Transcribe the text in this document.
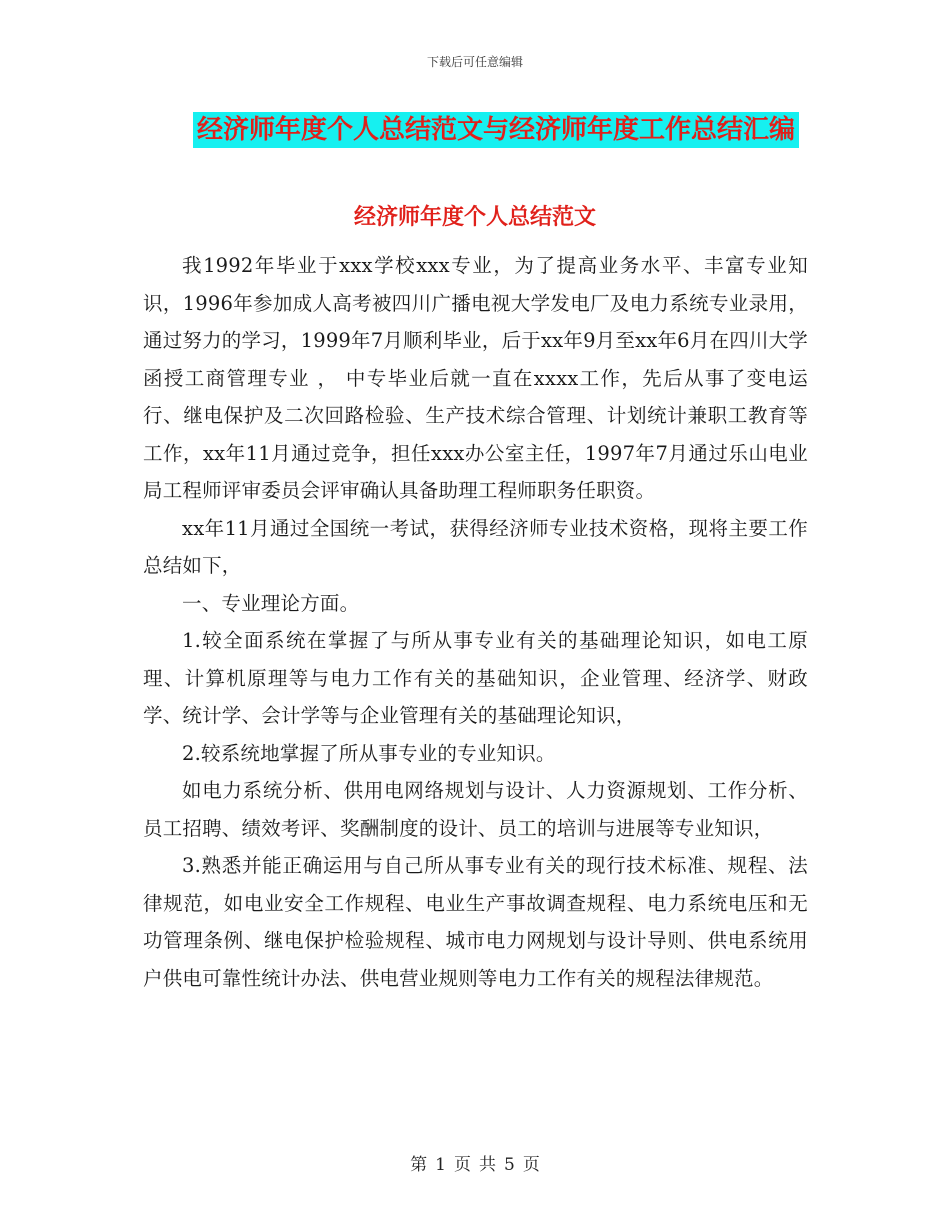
下载后可任意编辑
经济师年度个人总结范文与经济师年度工作总结汇编
经济师年度个人总结范文

我1992年毕业于xxx学校xxx专业，为了提高业务水平、丰富专业知识，1996年参加成人高考被四川广播电视大学发电厂及电力系统专业录用，通过努力的学习，1999年7月顺利毕业，后于xx年9月至xx年6月在四川大学函授工商管理专业 ， 中专毕业后就一直在xxxx工作，先后从事了变电运行、继电保护及二次回路检验、生产技术综合管理、计划统计兼职工教育等工作，xx年11月通过竞争，担任xxx办公室主任，1997年7月通过乐山电业局工程师评审委员会评审确认具备助理工程师职务任职资。

xx年11月通过全国统一考试，获得经济师专业技术资格，现将主要工作总结如下，

一、专业理论方面。

1.较全面系统在掌握了与所从事专业有关的基础理论知识，如电工原理、计算机原理等与电力工作有关的基础知识，企业管理、经济学、财政学、统计学、会计学等与企业管理有关的基础理论知识，

2.较系统地掌握了所从事专业的专业知识。

如电力系统分析、供用电网络规划与设计、人力资源规划、工作分析、员工招聘、绩效考评、奖酬制度的设计、员工的培训与进展等专业知识，

3.熟悉并能正确运用与自己所从事专业有关的现行技术标准、规程、法律规范，如电业安全工作规程、电业生产事故调查规程、电力系统电压和无功管理条例、继电保护检验规程、城市电力网规划与设计导则、供电系统用户供电可靠性统计办法、供电营业规则等电力工作有关的规程法律规范。

第 1 页 共 5 页
